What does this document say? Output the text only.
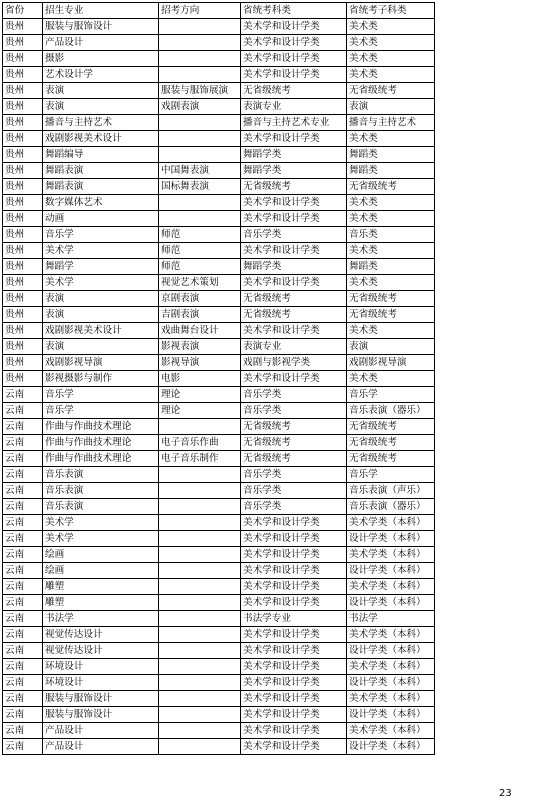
省份	招生专业	招考方向	省统考科类	省统考子科类
贵州	服装与服饰设计		美术学和设计学类	美术类
贵州	产品设计		美术学和设计学类	美术类
贵州	摄影		美术学和设计学类	美术类
贵州	艺术设计学		美术学和设计学类	美术类
贵州	表演	服装与服饰展演	无省级统考	无省级统考
贵州	表演	戏剧表演	表演专业	表演
贵州	播音与主持艺术		播音与主持艺术专业	播音与主持艺术
贵州	戏剧影视美术设计		美术学和设计学类	美术类
贵州	舞蹈编导		舞蹈学类	舞蹈类
贵州	舞蹈表演	中国舞表演	舞蹈学类	舞蹈类
贵州	舞蹈表演	国标舞表演	无省级统考	无省级统考
贵州	数字媒体艺术		美术学和设计学类	美术类
贵州	动画		美术学和设计学类	美术类
贵州	音乐学	师范	音乐学类	音乐类
贵州	美术学	师范	美术学和设计学类	美术类
贵州	舞蹈学	师范	舞蹈学类	舞蹈类
贵州	美术学	视觉艺术策划	美术学和设计学类	美术类
贵州	表演	京剧表演	无省级统考	无省级统考
贵州	表演	吉剧表演	无省级统考	无省级统考
贵州	戏剧影视美术设计	戏曲舞台设计	美术学和设计学类	美术类
贵州	表演	影视表演	表演专业	表演
贵州	戏剧影视导演	影视导演	戏剧与影视学类	戏剧影视导演
贵州	影视摄影与制作	电影	美术学和设计学类	美术类
云南	音乐学	理论	音乐学类	音乐学
云南	音乐学	理论	音乐学类	音乐表演（器乐）
云南	作曲与作曲技术理论		无省级统考	无省级统考
云南	作曲与作曲技术理论	电子音乐作曲	无省级统考	无省级统考
云南	作曲与作曲技术理论	电子音乐制作	无省级统考	无省级统考
云南	音乐表演		音乐学类	音乐学
云南	音乐表演		音乐学类	音乐表演（声乐）
云南	音乐表演		音乐学类	音乐表演（器乐）
云南	美术学		美术学和设计学类	美术学类（本科）
云南	美术学		美术学和设计学类	设计学类（本科）
云南	绘画		美术学和设计学类	美术学类（本科）
云南	绘画		美术学和设计学类	设计学类（本科）
云南	雕塑		美术学和设计学类	美术学类（本科）
云南	雕塑		美术学和设计学类	设计学类（本科）
云南	书法学		书法学专业	书法学
云南	视觉传达设计		美术学和设计学类	美术学类（本科）
云南	视觉传达设计		美术学和设计学类	设计学类（本科）
云南	环境设计		美术学和设计学类	美术学类（本科）
云南	环境设计		美术学和设计学类	设计学类（本科）
云南	服装与服饰设计		美术学和设计学类	美术学类（本科）
云南	服装与服饰设计		美术学和设计学类	设计学类（本科）
云南	产品设计		美术学和设计学类	美术学类（本科）
云南	产品设计		美术学和设计学类	设计学类（本科）
23
